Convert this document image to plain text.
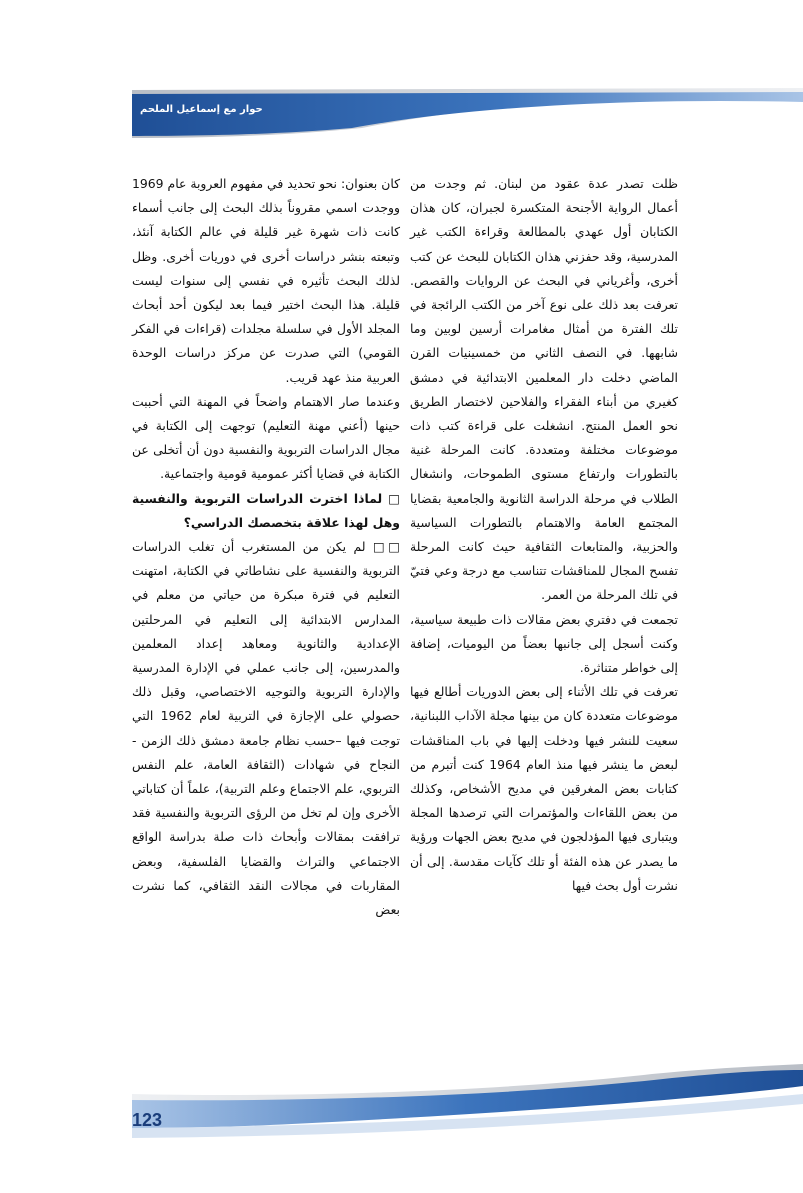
حوار مع إسماعيل الملحم

ظلت تصدر عدة عقود من لبنان. ثم وجدت من أعمال الرواية الأجنحة المتكسرة لجبران، كان هذان الكتابان أول عهدي بالمطالعة وقراءة الكتب غير المدرسية، وقد حفزني هذان الكتابان للبحث عن كتب أخرى، وأغرياني في البحث عن الروايات والقصص. تعرفت بعد ذلك على نوع آخر من الكتب الرائجة في تلك الفترة من أمثال مغامرات أرسين لوبين وما شابهها. في النصف الثاني من خمسينيات القرن الماضي دخلت دار المعلمين الابتدائية في دمشق كغيري من أبناء الفقراء والفلاحين لاختصار الطريق نحو العمل المنتج. انشغلت على قراءة كتب ذات موضوعات مختلفة ومتعددة. كانت المرحلة غنية بالتطورات وارتفاع مستوى الطموحات، وانشغال الطلاب في مرحلة الدراسة الثانوية والجامعية بقضايا المجتمع العامة والاهتمام بالتطورات السياسية والحزبية، والمتابعات الثقافية حيث كانت المرحلة تفسح المجال للمناقشات تتناسب مع درجة وعي فتيّ في تلك المرحلة من العمر.

تجمعت في دفتري بعض مقالات ذات طبيعة سياسية، وكنت أسجل إلى جانبها بعضاً من اليوميات، إضافة إلى خواطر متناثرة.

تعرفت في تلك الأثناء إلى بعض الدوريات أطالع فيها موضوعات متعددة كان من بينها مجلة الآداب اللبنانية، سعيت للنشر فيها ودخلت إليها في باب المناقشات لبعض ما ينشر فيها منذ العام 1964 كنت أتبرم من كتابات بعض المغرقين في مديح الأشخاص، وكذلك من بعض اللقاءات والمؤتمرات التي ترصدها المجلة ويتبارى فيها المؤدلجون في مديح بعض الجهات ورؤية ما يصدر عن هذه الفئة أو تلك كآيات مقدسة. إلى أن نشرت أول بحث فيها

كان بعنوان: نحو تحديد في مفهوم العروبة عام 1969 ووجدت اسمي مقروناً بذلك البحث إلى جانب أسماء كانت ذات شهرة غير قليلة في عالم الكتابة آنئذ، وتبعته بنشر دراسات أخرى في دوريات أخرى. وظل لذلك البحث تأثيره في نفسي إلى سنوات ليست قليلة. هذا البحث اختير فيما بعد ليكون أحد أبحاث المجلد الأول في سلسلة مجلدات (قراءات في الفكر القومي) التي صدرت عن مركز دراسات الوحدة العربية منذ عهد قريب.

وعندما صار الاهتمام واضحاً في المهنة التي أحببت حينها (أعني مهنة التعليم) توجهت إلى الكتابة في مجال الدراسات التربوية والنفسية دون أن أتخلى عن الكتابة في قضايا أكثر عمومية قومية واجتماعية.

□ لماذا اخترت الدراسات التربوية والنفسية وهل لهذا علاقة بتخصصك الدراسي؟

□□ لم يكن من المستغرب أن تغلب الدراسات التربوية والنفسية على نشاطاتي في الكتابة، امتهنت التعليم في فترة مبكرة من حياتي من معلم في المدارس الابتدائية إلى التعليم في المرحلتين الإعدادية والثانوية ومعاهد إعداد المعلمين والمدرسين، إلى جانب عملي في الإدارة المدرسية والإدارة التربوية والتوجيه الاختصاصي، وقبل ذلك حصولي على الإجازة في التربية لعام 1962 التي توجت فيها –حسب نظام جامعة دمشق ذلك الزمن - النجاح في شهادات (الثقافة العامة، علم النفس التربوي، علم الاجتماع وعلم التربية)، علماً أن كتاباتي الأخرى وإن لم تخل من الرؤى التربوية والنفسية فقد ترافقت بمقالات وأبحاث ذات صلة بدراسة الواقع الاجتماعي والتراث والقضايا الفلسفية، وبعض المقاربات في مجالات النقد الثقافي، كما نشرت بعض

123
